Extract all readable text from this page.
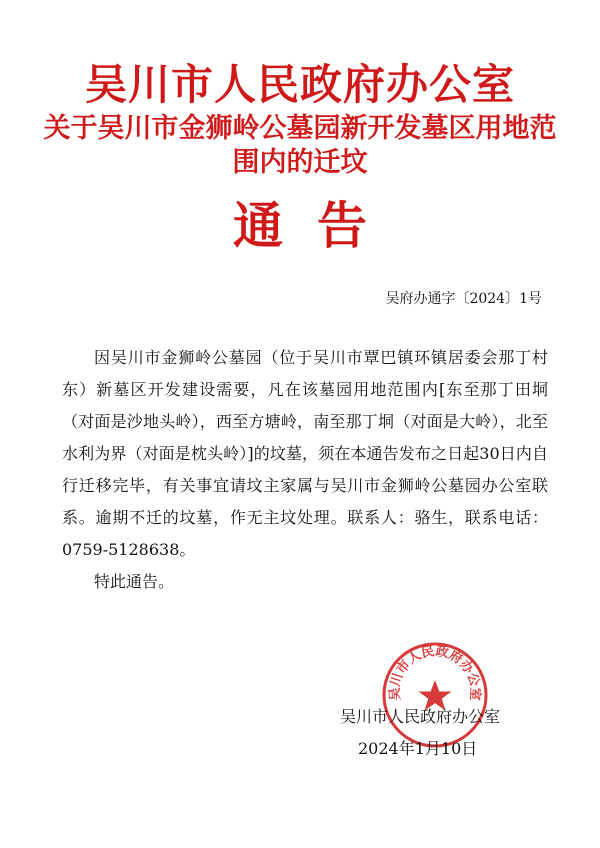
吴川市人民政府办公室
关于吴川市金狮岭公墓园新开发墓区用地范围内的迁坟
通告
吴府办通字〔2024〕1号

因吴川市金狮岭公墓园（位于吴川市覃巴镇环镇居委会那丁村东）新墓区开发建设需要，凡在该墓园用地范围内[东至那丁田垌（对面是沙地头岭），西至方塘岭，南至那丁垌（对面是大岭），北至水利为界（对面是枕头岭）]的坟墓，须在本通告发布之日起30日内自行迁移完毕，有关事宜请坟主家属与吴川市金狮岭公墓园办公室联系。逾期不迁的坟墓，作无主坟处理。联系人：骆生，联系电话：0759-5128638。

特此通告。

吴川市人民政府办公室
吴川市人民政府办公室
2024年1月10日
